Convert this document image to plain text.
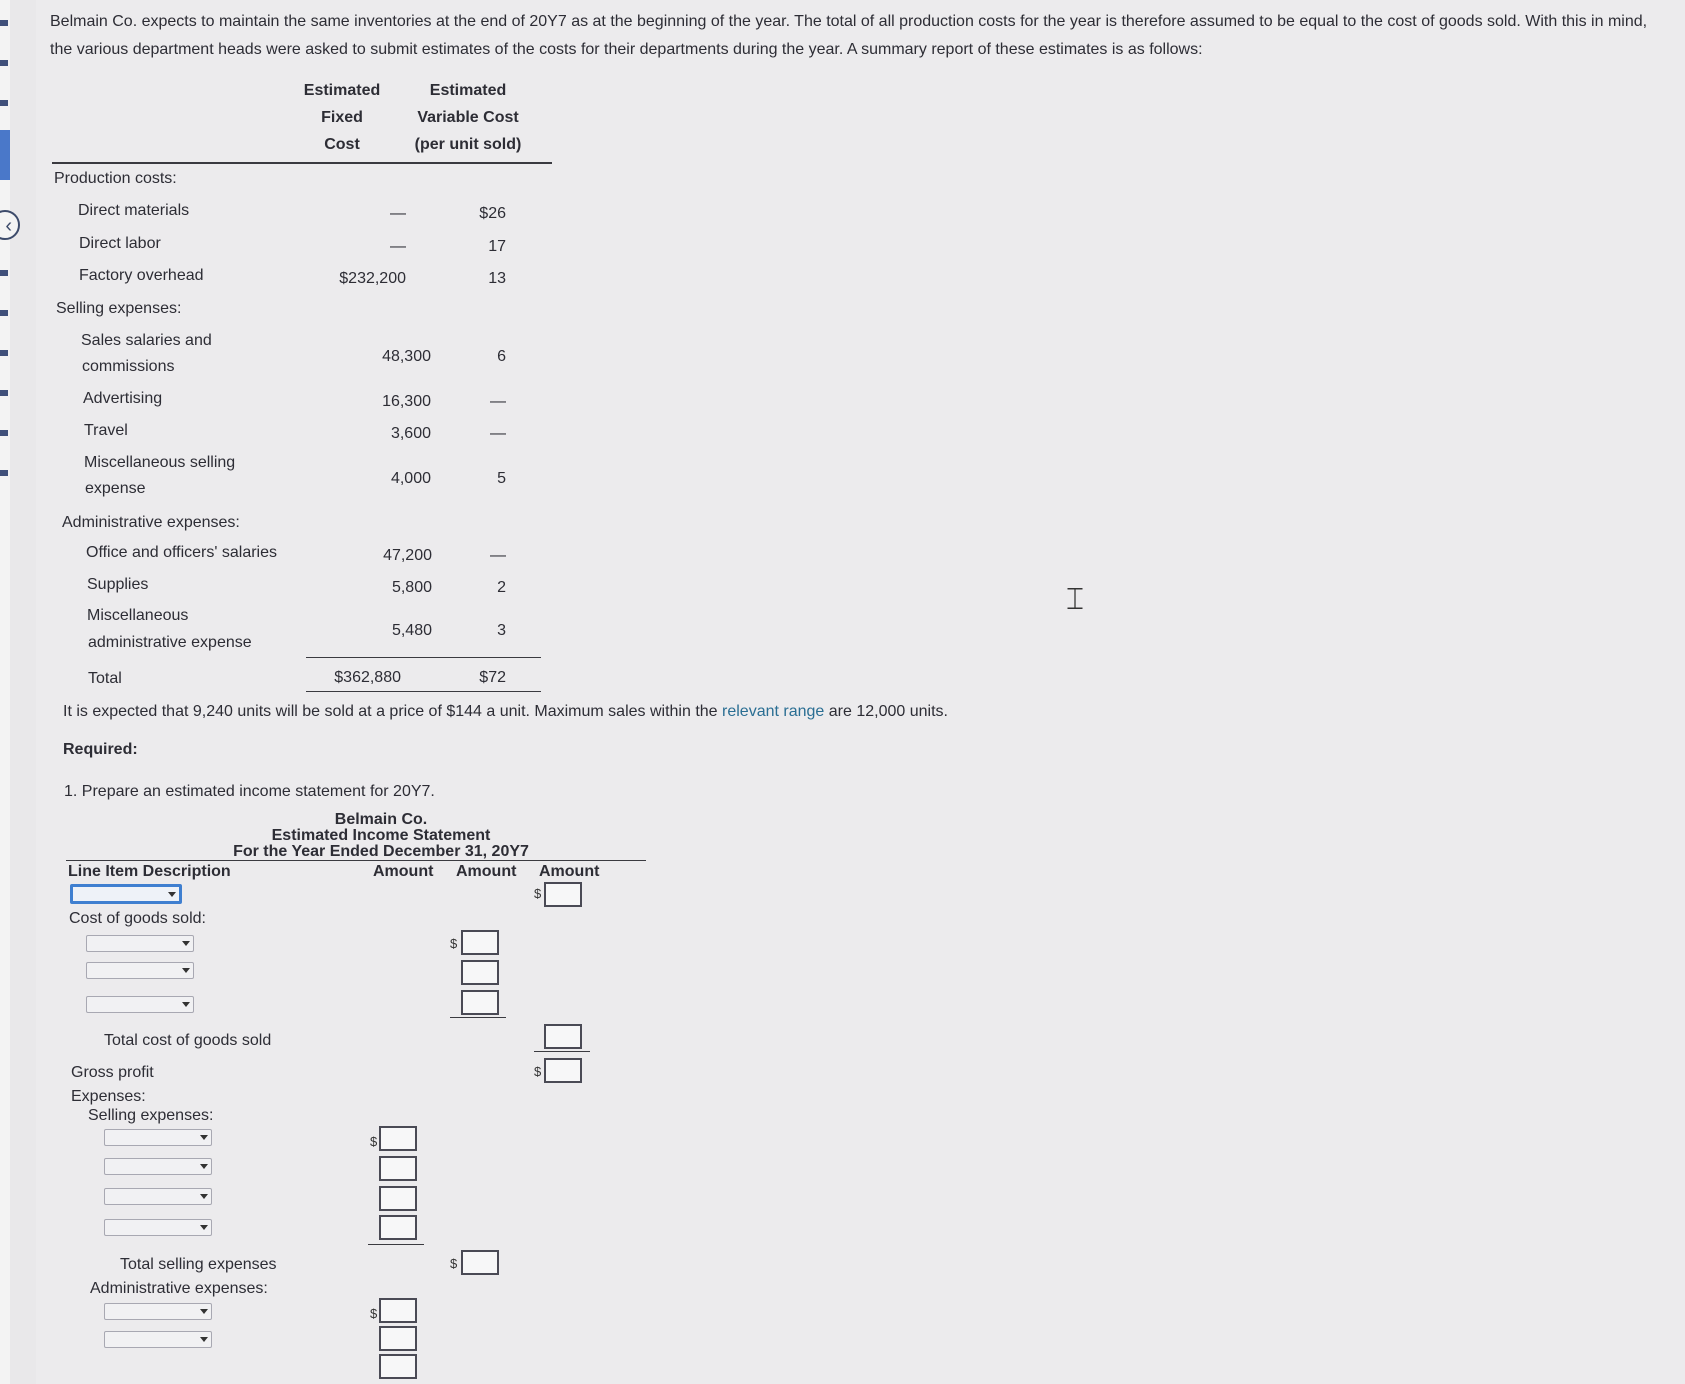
‹
Belmain Co. expects to maintain the same inventories at the end of 20Y7 as at the beginning of the year. The total of all production costs for the year is therefore assumed to be equal to the cost of goods sold. With this in mind, the various department heads were asked to submit estimates of the costs for their departments during the year. A summary report of these estimates is as follows:
Estimated
Fixed
Cost
Estimated
Variable Cost
(per unit sold)
Production costs:
Selling expenses:
Administrative expenses:
Direct materials	—	$26
Direct labor	—	17
Factory overhead	$232,200	13
Sales salaries and
commissions
48,300	6
Advertising	16,300	—
Travel	3,600	—
Miscellaneous selling
expense
4,000	5
Office and officers' salaries	47,200	—
Supplies	5,800	2
Miscellaneous
administrative expense
5,480	3
Total	$362,880	$72
It is expected that 9,240 units will be sold at a price of $144 a unit. Maximum sales within the relevant range are 12,000 units.
Required:
1. Prepare an estimated income statement for 20Y7.
Belmain Co.
Estimated Income Statement
For the Year Ended December 31, 20Y7
Line Item Description	Amount Amount Amount
$
Cost of goods sold:
$
Total cost of goods sold
Gross profit	$
Expenses:
Selling expenses:
$
Total selling expenses	$
Administrative expenses:
$
⌶
